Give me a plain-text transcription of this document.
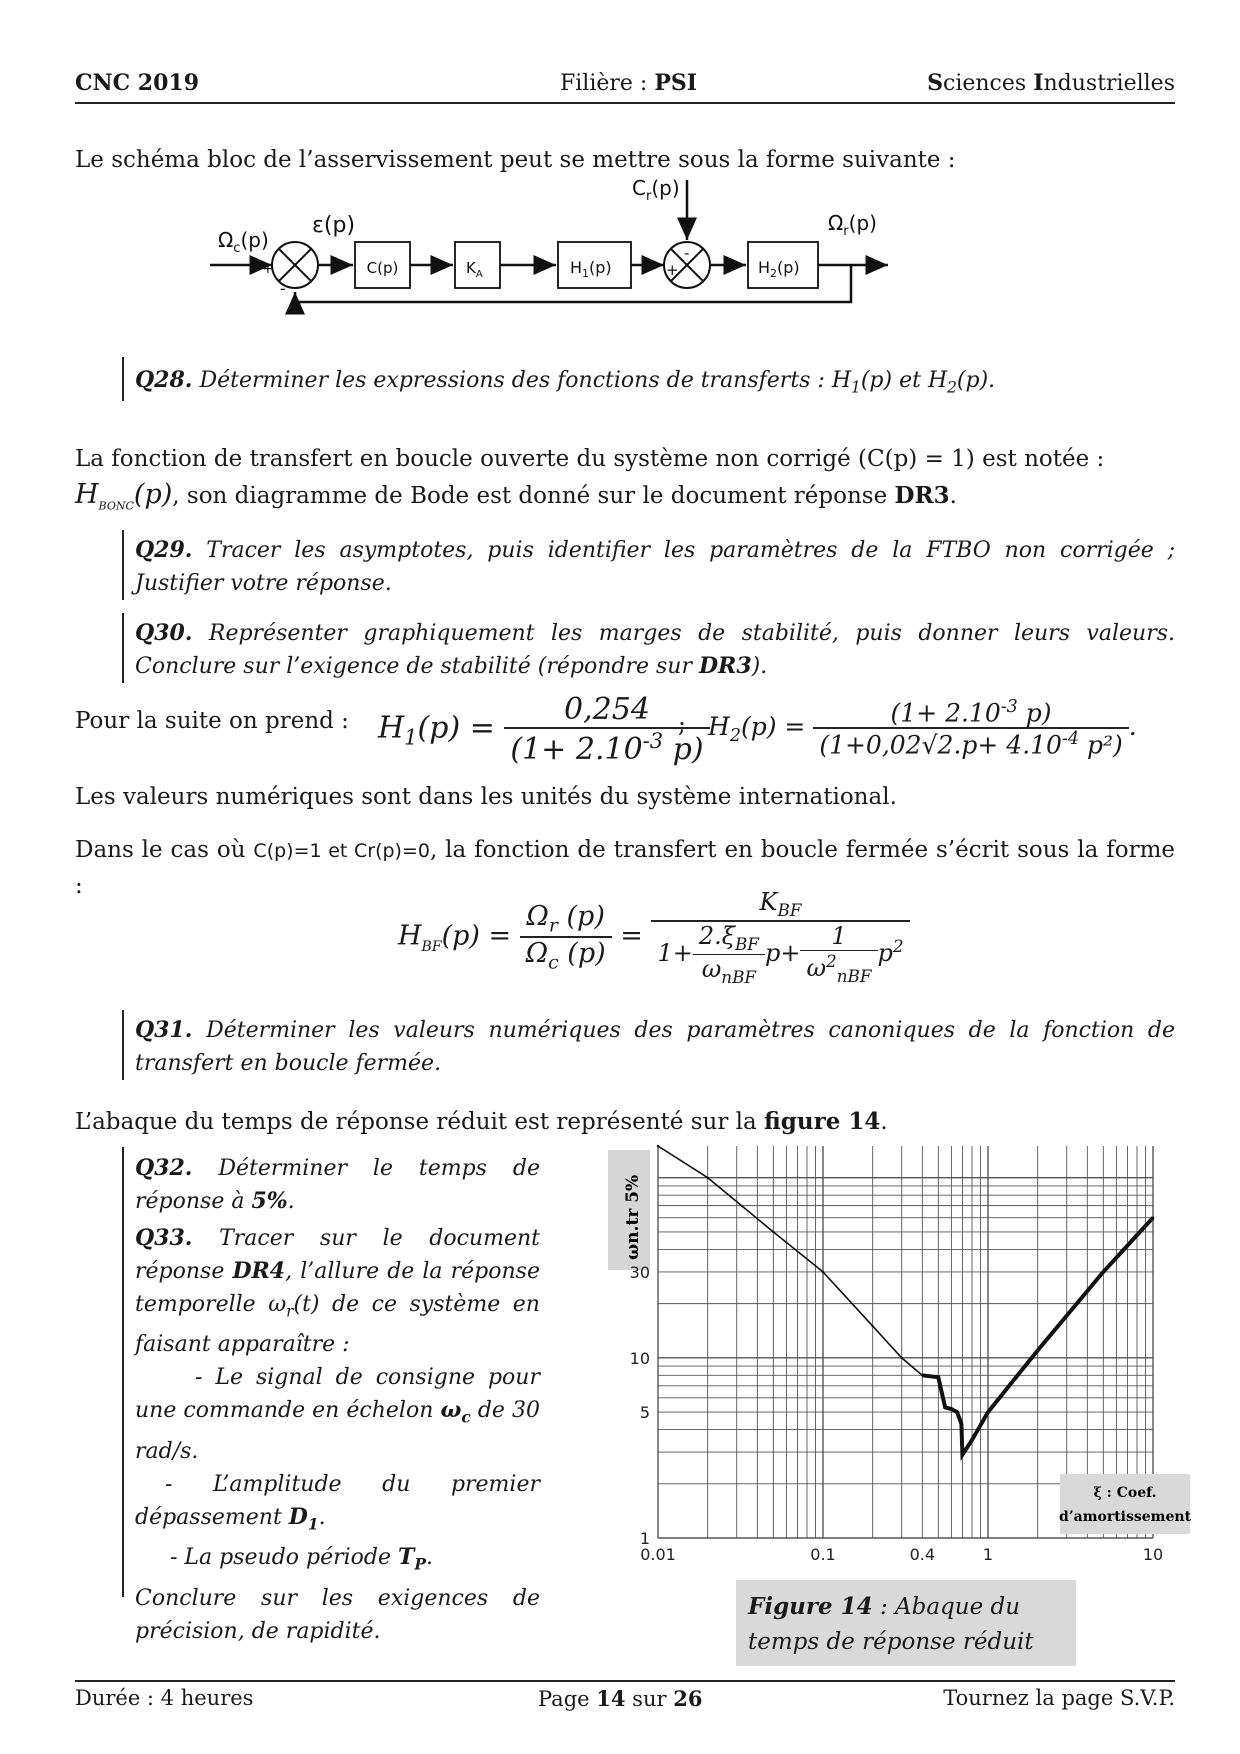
CNC 2019	Filière : PSI	Sciences Industrielles
Le schéma bloc de l’asservissement peut se mettre sous la forme suivante :
$\Omega_c(p)$
+
-
ε(p)
C(p)	$K_A$	$H_1(p)$	+
-
$C_r(p)$
$H_2(p)$
$\Omega_r(p)$
Q28. Déterminer les expressions des fonctions de transferts : $H_1(p)$ et $H_2(p)$.
La fonction de transfert en boucle ouverte du système non corrigé (C(p) = 1) est notée :
$H_{BONC}(p)$, son diagramme de Bode est donné sur le document réponse DR3.
Q29. Tracer les asymptotes, puis identifier les paramètres de la FTBO non corrigée ; Justifier votre réponse.
Q30. Représenter graphiquement les marges de stabilité, puis donner leurs valeurs. Conclure sur l’exigence de stabilité (répondre sur DR3).
Pour la suite on prend : $H_1(p) = \frac{0,254}{(1+ 2.10^{-3} p)}$
; $H_2(p) = \frac{(1+ 2.10^{-3} p)}{(1+0,02√2.p+ 4.10^{-4} p^2)}$ .
Les valeurs numériques sont dans les unités du système international.
Dans le cas où C(p)=1 et Cr(p)=0, la fonction de transfert en boucle fermée s’écrit sous la forme :
$H_{BF}(p) = \frac{\Omega_r (p)}{\Omega_c (p)} = \frac{K_{BF}}{1+ \frac{2.\xi_{BF}}{\omega_{nBF}} p+ \frac{1}{\omega^2_{nBF}} p^2}$
Q31. Déterminer les valeurs numériques des paramètres canoniques de la fonction de transfert en boucle fermée.
L’abaque du temps de réponse réduit est représenté sur la figure 14.
Q32. Déterminer le temps de réponse à 5%.
Q33. Tracer sur le document réponse DR4, l’allure de la réponse temporelle $\omega_r(t)$ de ce système en faisant apparaître :
- Le signal de consigne pour une commande en échelon $\omega_c$ de 30 rad/s.
- L’amplitude du premier dépassement $D_1$.
- La pseudo période $T_P$.
Conclure sur les exigences de précision, de rapidité.
ωn.tr 5%
0.01	0.1	0.4	1	10
1
5
10
30
ξ : Coef.
d’amortissement
Figure 14 : Abaque du temps de réponse réduit
Durée : 4 heures	Page 14 sur 26	Tournez la page S.V.P.
